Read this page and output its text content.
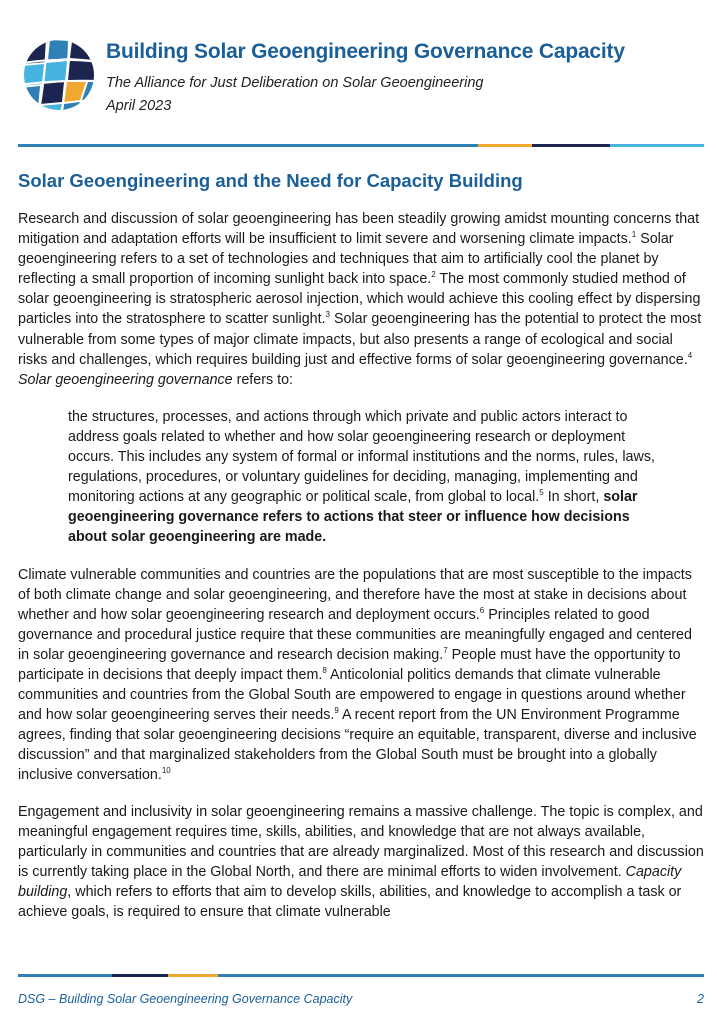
Building Solar Geoengineering Governance Capacity
The Alliance for Just Deliberation on Solar Geoengineering
April 2023
Solar Geoengineering and the Need for Capacity Building

Research and discussion of solar geoengineering has been steadily growing amidst mounting concerns that mitigation and adaptation efforts will be insufficient to limit severe and worsening climate impacts.$^1$ Solar geoengineering refers to a set of technologies and techniques that aim to artificially cool the planet by reflecting a small proportion of incoming sunlight back into space.$^2$ The most commonly studied method of solar geoengineering is stratospheric aerosol injection, which would achieve this cooling effect by dispersing particles into the stratosphere to scatter sunlight.$^3$ Solar geoengineering has the potential to protect the most vulnerable from some types of major climate impacts, but also presents a range of ecological and social risks and challenges, which requires building just and effective forms of solar geoengineering governance.$^4$ Solar geoengineering governance refers to:

the structures, processes, and actions through which private and public actors interact to address goals related to whether and how solar geoengineering research or deployment occurs. This includes any system of formal or informal institutions and the norms, rules, laws, regulations, procedures, or voluntary guidelines for deciding, managing, implementing and monitoring actions at any geographic or political scale, from global to local.$^5$ In short, solar geoengineering governance refers to actions that steer or influence how decisions about solar geoengineering are made.

Climate vulnerable communities and countries are the populations that are most susceptible to the impacts of both climate change and solar geoengineering, and therefore have the most at stake in decisions about whether and how solar geoengineering research and deployment occurs.$^6$ Principles related to good governance and procedural justice require that these communities are meaningfully engaged and centered in solar geoengineering governance and research decision making.$^7$ People must have the opportunity to participate in decisions that deeply impact them.$^8$ Anticolonial politics demands that climate vulnerable communities and countries from the Global South are empowered to engage in questions around whether and how solar geoengineering serves their needs.$^9$ A recent report from the UN Environment Programme agrees, finding that solar geoengineering decisions “require an equitable, transparent, diverse and inclusive discussion” and that marginalized stakeholders from the Global South must be brought into a globally inclusive conversation.$^{10}$

Engagement and inclusivity in solar geoengineering remains a massive challenge. The topic is complex, and meaningful engagement requires time, skills, abilities, and knowledge that are not always available, particularly in communities and countries that are already marginalized. Most of this research and discussion is currently taking place in the Global North, and there are minimal efforts to widen involvement. Capacity building, which refers to efforts that aim to develop skills, abilities, and knowledge to accomplish a task or achieve goals, is required to ensure that climate vulnerable

DSG – Building Solar Geoengineering Governance Capacity	2
